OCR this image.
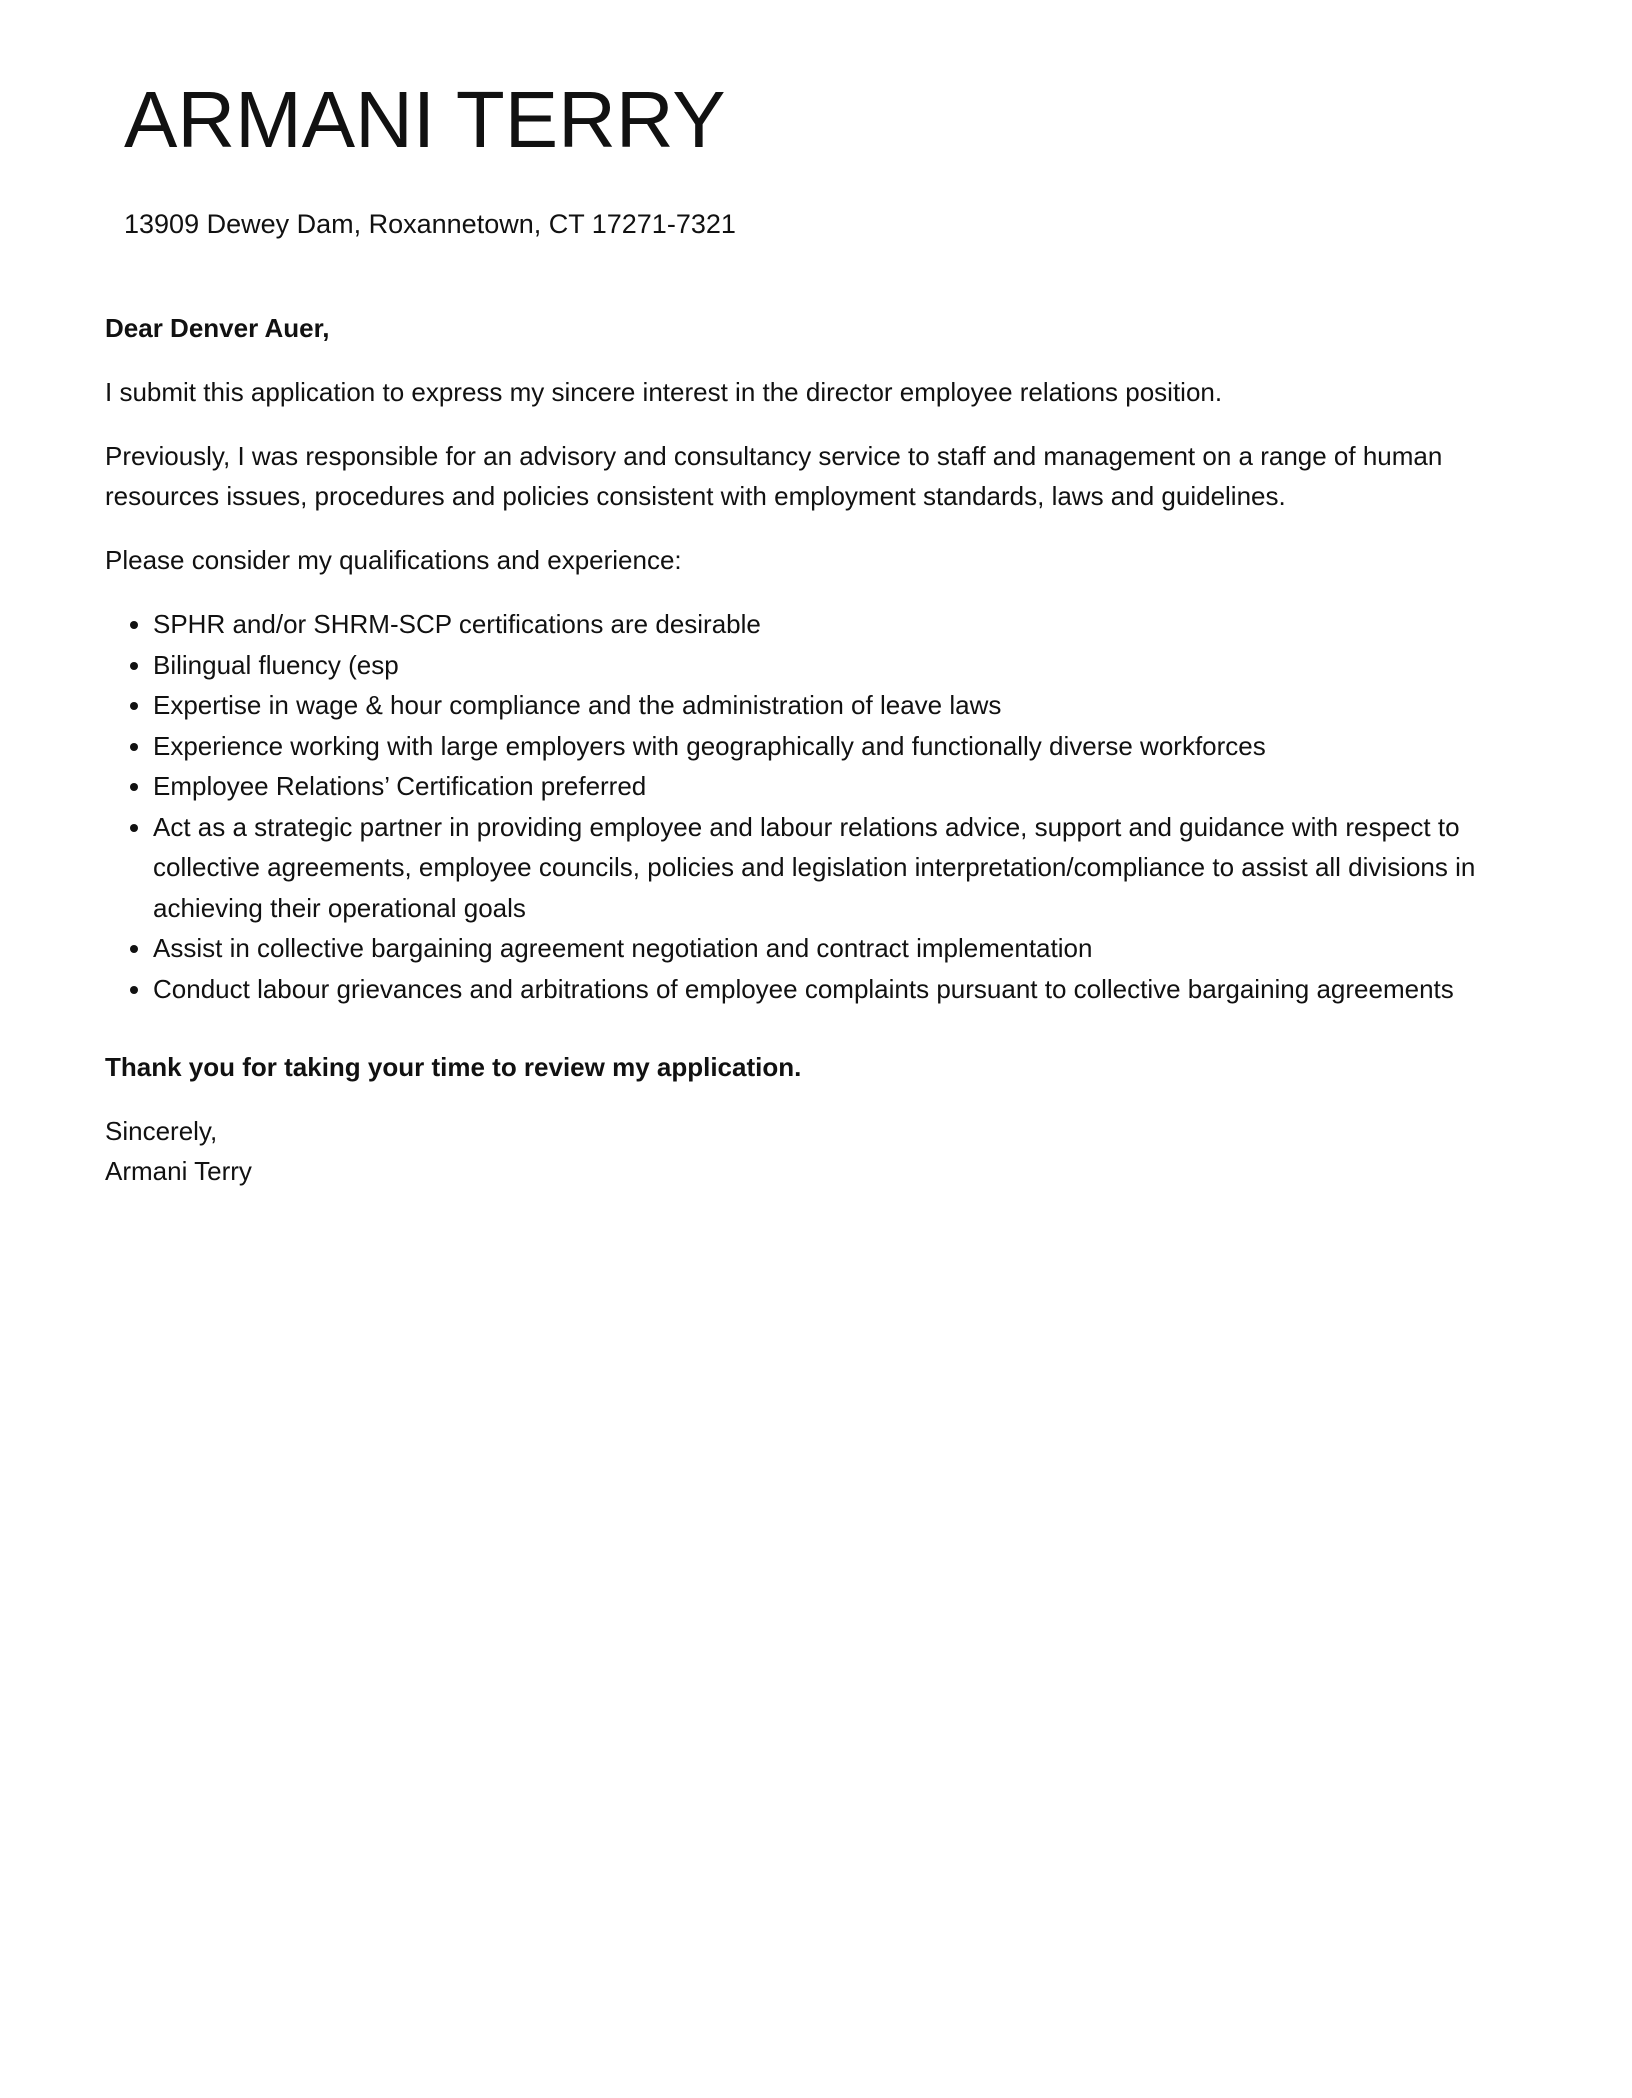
ARMANI TERRY
13909 Dewey Dam, Roxannetown, CT 17271-7321

Dear Denver Auer,

I submit this application to express my sincere interest in the director employee relations position.

Previously, I was responsible for an advisory and consultancy service to staff and management on a range of human resources issues, procedures and policies consistent with employment standards, laws and guidelines.

Please consider my qualifications and experience:

• SPHR and/or SHRM-SCP certifications are desirable
• Bilingual fluency (esp
• Expertise in wage & hour compliance and the administration of leave laws
• Experience working with large employers with geographically and functionally diverse workforces
• Employee Relations’ Certification preferred
• Act as a strategic partner in providing employee and labour relations advice, support and guidance with respect to collective agreements, employee councils, policies and legislation interpretation/compliance to assist all divisions in achieving their operational goals
• Assist in collective bargaining agreement negotiation and contract implementation
• Conduct labour grievances and arbitrations of employee complaints pursuant to collective bargaining agreements

Thank you for taking your time to review my application.

Sincerely,

Armani Terry
